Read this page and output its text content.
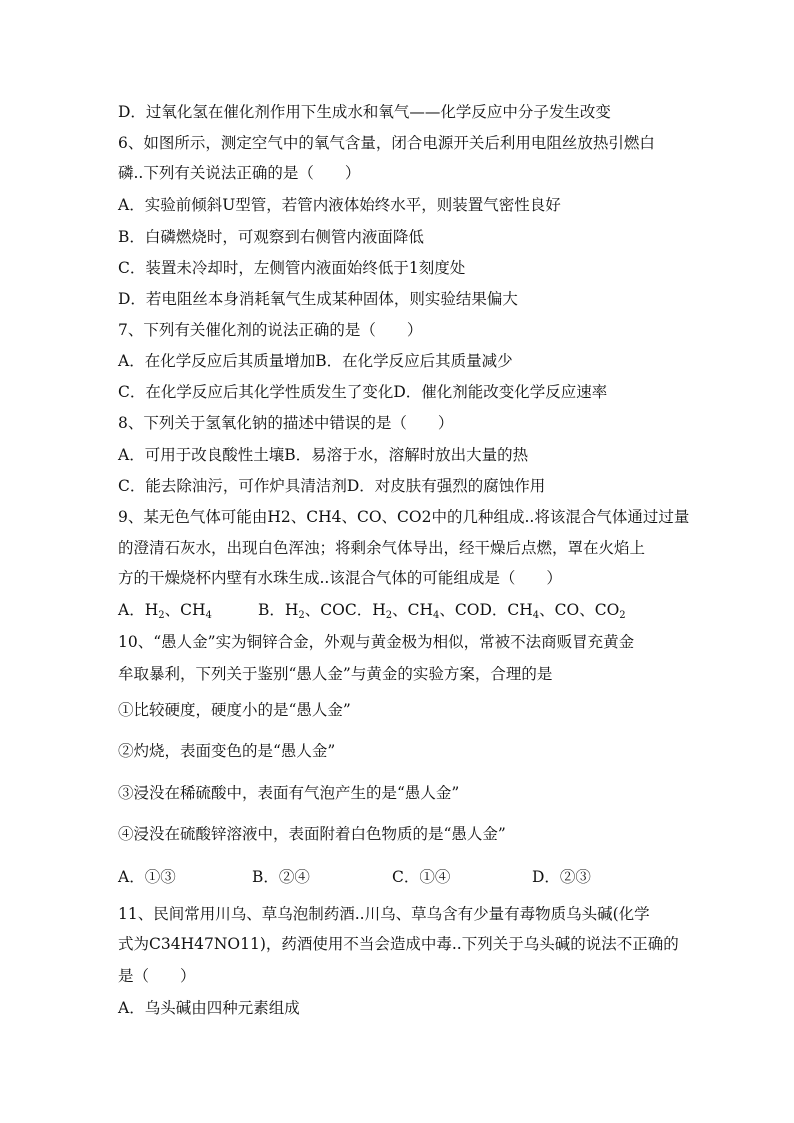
D．过氧化氢在催化剂作用下生成水和氧气——化学反应中分子发生改变
6、如图所示，测定空气中的氧气含量，闭合电源开关后利用电阻丝放热引燃白
磷..下列有关说法正确的是（　　）
A．实验前倾斜U型管，若管内液体始终水平，则装置气密性良好
B．白磷燃烧时，可观察到右侧管内液面降低
C．装置未冷却时，左侧管内液面始终低于1刻度处
D．若电阻丝本身消耗氧气生成某种固体，则实验结果偏大
7、下列有关催化剂的说法正确的是（　　）
A．在化学反应后其质量增加B．在化学反应后其质量减少
C．在化学反应后其化学性质发生了变化D．催化剂能改变化学反应速率
8、下列关于氢氧化钠的描述中错误的是（　　）
A．可用于改良酸性土壤B．易溶于水，溶解时放出大量的热
C．能去除油污，可作炉具清洁剂D．对皮肤有强烈的腐蚀作用
9、某无色气体可能由H2、CH4、CO、CO2中的几种组成..将该混合气体通过过量
的澄清石灰水，出现白色浑浊；将剩余气体导出，经干燥后点燃，罩在火焰上
方的干燥烧杯内壁有水珠生成..该混合气体的可能组成是（　　）
A．$H_2$、$CH_4$	B．$H_2$、COC．$H_2$、$CH_4$、COD．$CH_4$、CO、$CO_2$
10、“愚人金”实为铜锌合金，外观与黄金极为相似，常被不法商贩冒充黄金
牟取暴利，下列关于鉴别“愚人金”与黄金的实验方案，合理的是
①比较硬度，硬度小的是“愚人金”
②灼烧，表面变色的是“愚人金”
③浸没在稀硫酸中，表面有气泡产生的是“愚人金”
④浸没在硫酸锌溶液中，表面附着白色物质的是“愚人金”
A．①③	B．②④	C．①④	D．②③
11、民间常用川乌、草乌泡制药酒..川乌、草乌含有少量有毒物质乌头碱(化学
式为C34H47NO11)，药酒使用不当会造成中毒..下列关于乌头碱的说法不正确的
是（　　）
A．乌头碱由四种元素组成
